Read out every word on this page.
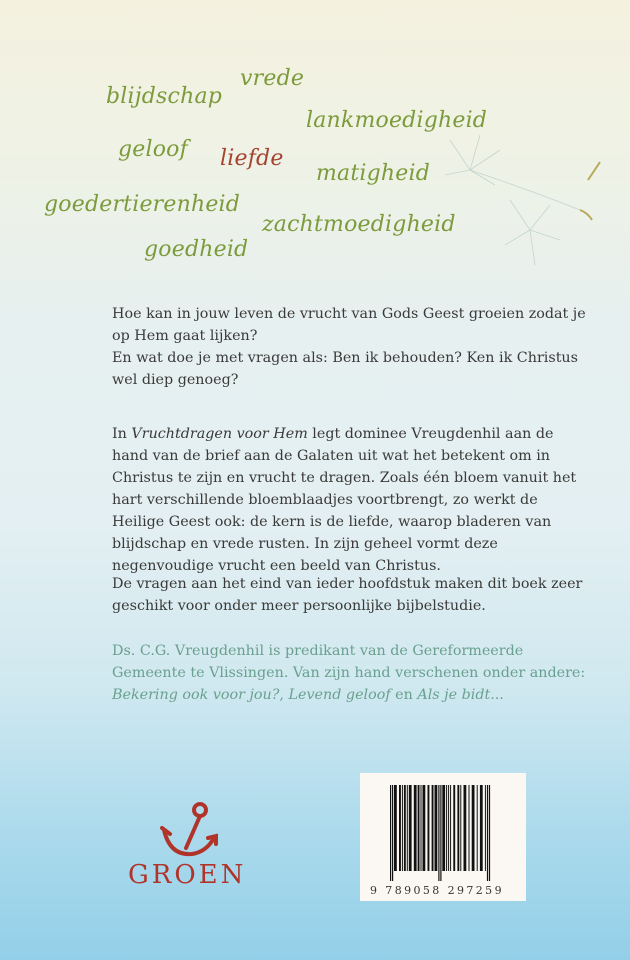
blijdschap
vrede
lankmoedigheid
geloof liefde
matigheid
goedertierenheid
zachtmoedigheid
goedheid

Hoe kan in jouw leven de vrucht van Gods Geest groeien zodat je op Hem gaat lijken?
En wat doe je met vragen als: Ben ik behouden? Ken ik Christus wel diep genoeg?

In Vruchtdragen voor Hem legt dominee Vreugdenhil aan de hand van de brief aan de Galaten uit wat het betekent om in Christus te zijn en vrucht te dragen. Zoals één bloem vanuit het hart verschillende bloemblaadjes voortbrengt, zo werkt de Heilige Geest ook: de kern is de liefde, waarop bladeren van blijdschap en vrede rusten. In zijn geheel vormt deze negenvoudige vrucht een beeld van Christus.

De vragen aan het eind van ieder hoofdstuk maken dit boek zeer geschikt voor onder meer persoonlijke bijbelstudie.

Ds. C.G. Vreugdenhil is predikant van de Gereformeerde Gemeente te Vlissingen. Van zijn hand verschenen onder andere: Bekering ook voor jou?, Levend geloof en Als je bidt...

GROEN
9 789058 297259
